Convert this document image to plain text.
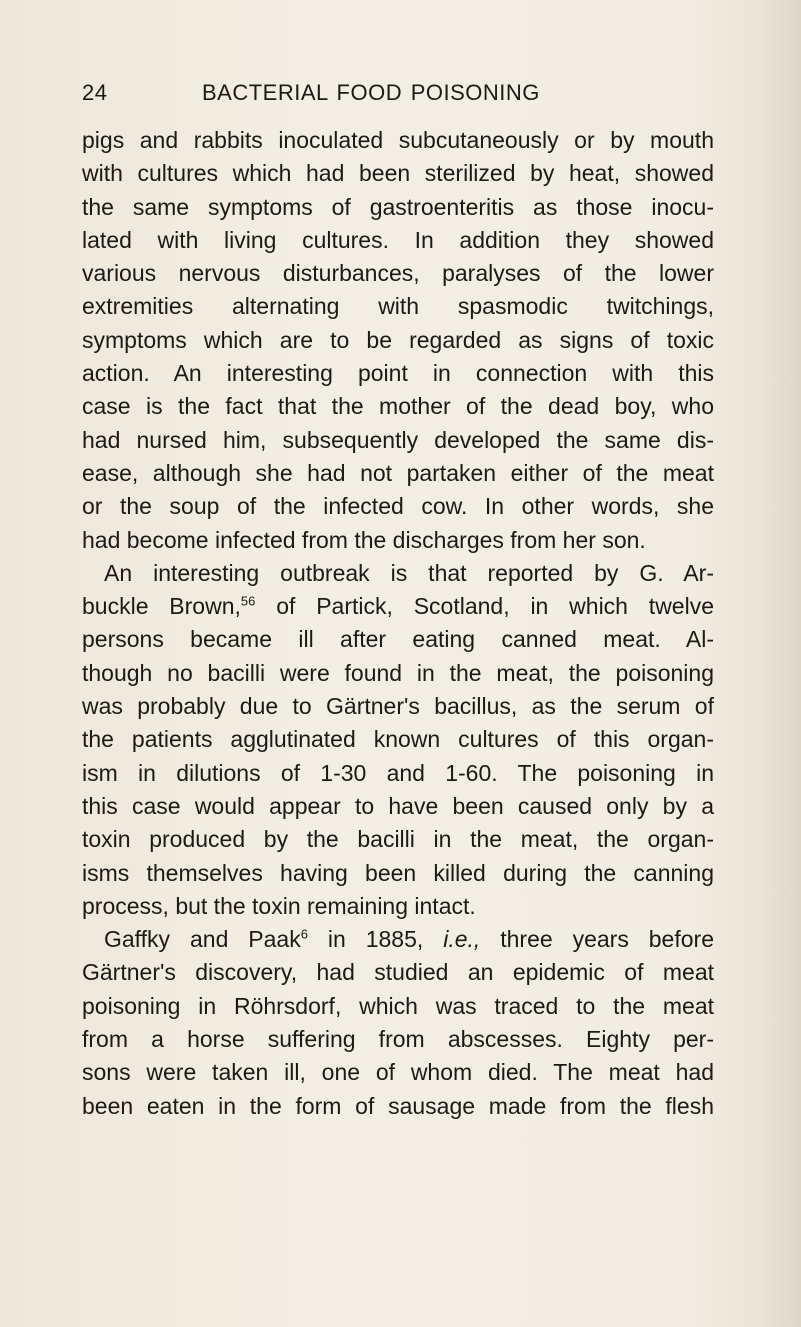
24	BACTERIAL FOOD POISONING
pigs and rabbits inoculated subcutaneously or by mouth
with cultures which had been sterilized by heat, showed
the same symptoms of gastroenteritis as those inocu-
lated with living cultures. In addition they showed
various nervous disturbances, paralyses of the lower
extremities alternating with spasmodic twitchings,
symptoms which are to be regarded as signs of toxic
action. An interesting point in connection with this
case is the fact that the mother of the dead boy, who
had nursed him, subsequently developed the same dis-
ease, although she had not partaken either of the meat
or the soup of the infected cow. In other words, she
had become infected from the discharges from her son.
An interesting outbreak is that reported by G. Ar-
buckle Brown,$^{56}$ of Partick, Scotland, in which twelve
persons became ill after eating canned meat. Al-
though no bacilli were found in the meat, the poisoning
was probably due to Gärtner's bacillus, as the serum of
the patients agglutinated known cultures of this organ-
ism in dilutions of 1-30 and 1-60. The poisoning in
this case would appear to have been caused only by a
toxin produced by the bacilli in the meat, the organ-
isms themselves having been killed during the canning
process, but the toxin remaining intact.
Gaffky and Paak$^6$ in 1885, i.e., three years before
Gärtner's discovery, had studied an epidemic of meat
poisoning in Röhrsdorf, which was traced to the meat
from a horse suffering from abscesses. Eighty per-
sons were taken ill, one of whom died. The meat had
been eaten in the form of sausage made from the flesh
